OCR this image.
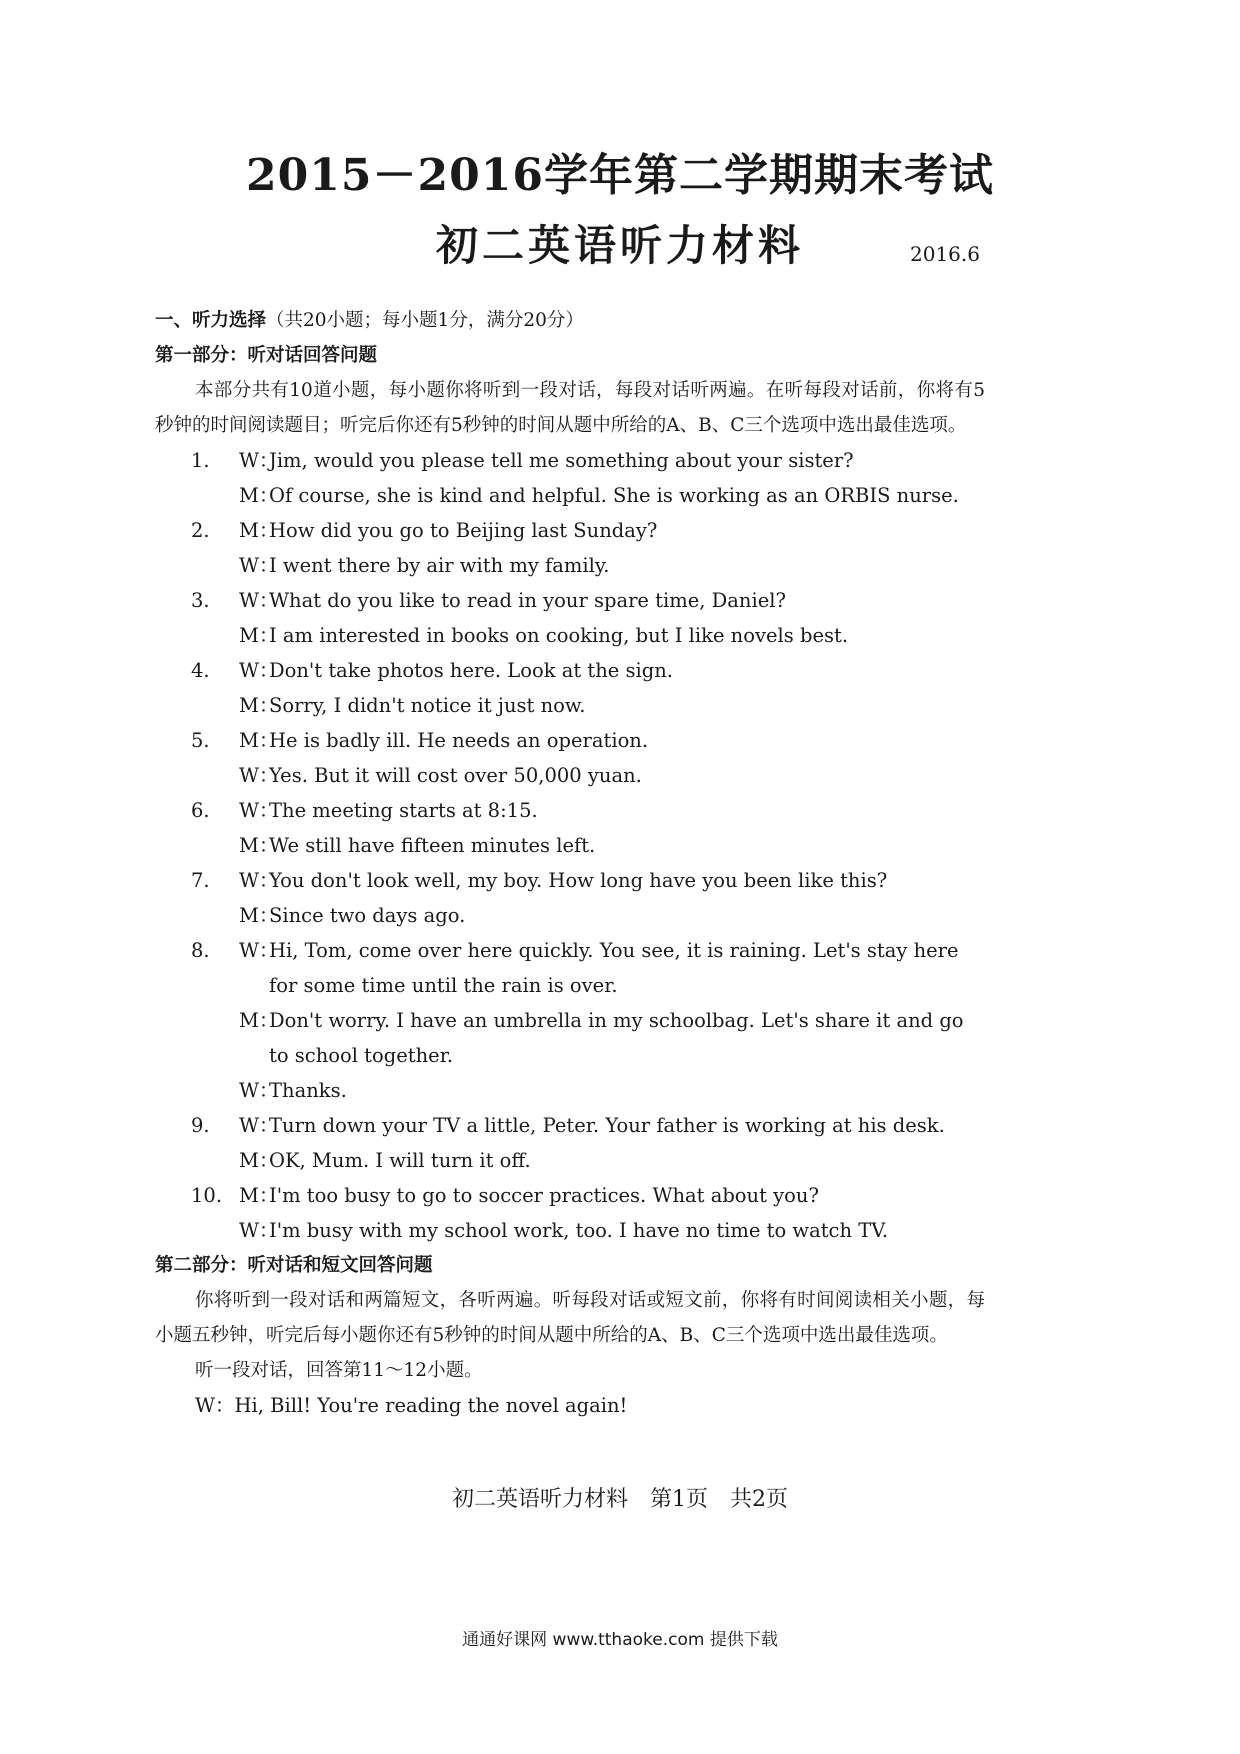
2015－2016学年第二学期期末考试
初二英语听力材料	2016.6
一、听力选择（共20小题；每小题1分，满分20分）
第一部分：听对话回答问题
本部分共有10道小题，每小题你将听到一段对话，每段对话听两遍。在听每段对话前，你将有5秒钟的时间阅读题目；听完后你还有5秒钟的时间从题中所给的A、B、C三个选项中选出最佳选项。
1.	W：Jim, would you please tell me something about your sister?
M：Of course, she is kind and helpful. She is working as an ORBIS nurse.
2.	M：How did you go to Beijing last Sunday?
W：I went there by air with my family.
3.	W：What do you like to read in your spare time, Daniel?
M：I am interested in books on cooking, but I like novels best.
4.	W：Don't take photos here. Look at the sign.
M：Sorry, I didn't notice it just now.
5.	M：He is badly ill. He needs an operation.
W：Yes. But it will cost over 50,000 yuan.
6.	W：The meeting starts at 8:15.
M：We still have fifteen minutes left.
7.	W：You don't look well, my boy. How long have you been like this?
M：Since two days ago.
8.	W：
Hi, Tom, come over here quickly. You see, it is raining. Let's stay here for some time until the rain is over.
M：
Don't worry. I have an umbrella in my schoolbag. Let's share it and go to school together.
W：Thanks.
9.	W：Turn down your TV a little, Peter. Your father is working at his desk.
M：OK, Mum. I will turn it off.
10. M：I'm too busy to go to soccer practices. What about you?
W：I'm busy with my school work, too. I have no time to watch TV.
第二部分：听对话和短文回答问题
你将听到一段对话和两篇短文，各听两遍。听每段对话或短文前，你将有时间阅读相关小题，每小题五秒钟，听完后每小题你还有5秒钟的时间从题中所给的A、B、C三个选项中选出最佳选项。
听一段对话，回答第11～12小题。
W：Hi, Bill! You're reading the novel again!
初二英语听力材料　第1页　共2页
通通好课网 www.tthaoke.com 提供下载
